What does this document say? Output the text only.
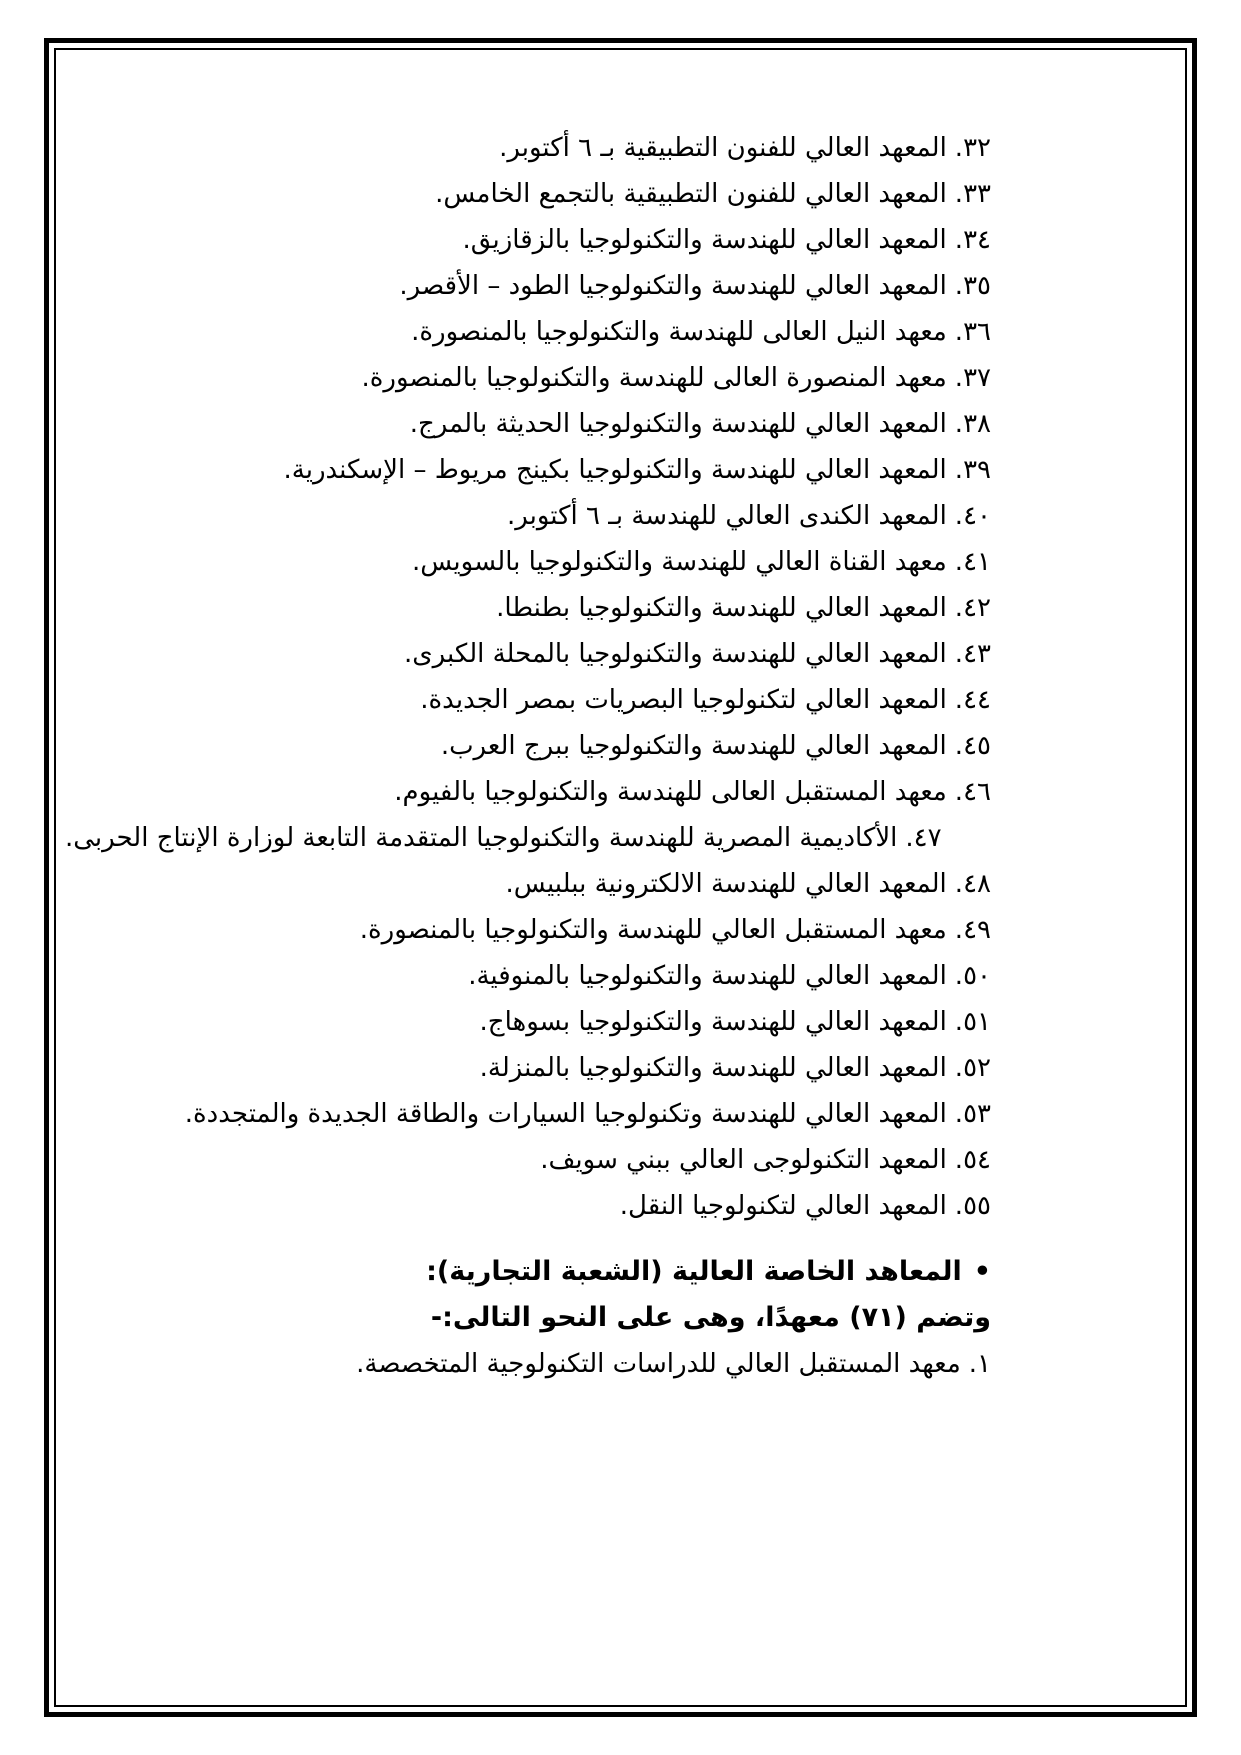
٣٢.المعهد العالي للفنون التطبيقية بـ ٦ أكتوبر.
٣٣.المعهد العالي للفنون التطبيقية بالتجمع الخامس.
٣٤.المعهد العالي للهندسة والتكنولوجيا بالزقازيق.
٣٥.المعهد العالي للهندسة والتكنولوجيا الطود – الأقصر.
٣٦.معهد النيل العالى للهندسة والتكنولوجيا بالمنصورة.
٣٧.معهد المنصورة العالى للهندسة والتكنولوجيا بالمنصورة.
٣٨.المعهد العالي للهندسة والتكنولوجيا الحديثة بالمرج.
٣٩.المعهد العالي للهندسة والتكنولوجيا بكينج مريوط – الإسكندرية.
٤٠.المعهد الكندى العالي للهندسة بـ ٦ أكتوبر.
٤١.معهد القناة العالي للهندسة والتكنولوجيا بالسويس.
٤٢.المعهد العالي للهندسة والتكنولوجيا بطنطا.
٤٣.المعهد العالي للهندسة والتكنولوجيا بالمحلة الكبرى.
٤٤.المعهد العالي لتكنولوجيا البصريات بمصر الجديدة.
٤٥.المعهد العالي للهندسة والتكنولوجيا ببرج العرب.
٤٦.معهد المستقبل العالى للهندسة والتكنولوجيا بالفيوم.
٤٧.الأكاديمية المصرية للهندسة والتكنولوجيا المتقدمة التابعة لوزارة الإنتاج الحربى.
٤٨.المعهد العالي للهندسة الالكترونية ببلبيس.
٤٩.معهد المستقبل العالي للهندسة والتكنولوجيا بالمنصورة.
٥٠.المعهد العالي للهندسة والتكنولوجيا بالمنوفية.
٥١.المعهد العالي للهندسة والتكنولوجيا بسوهاج.
٥٢.المعهد العالي للهندسة والتكنولوجيا بالمنزلة.
٥٣.المعهد العالي للهندسة وتكنولوجيا السيارات والطاقة الجديدة والمتجددة.
٥٤.المعهد التكنولوجى العالي ببني سويف.
٥٥.المعهد العالي لتكنولوجيا النقل.
•المعاهد الخاصة العالية (الشعبة التجارية):
وتضم (٧١) معهدًا، وهى على النحو التالى:-
١.معهد المستقبل العالي للدراسات التكنولوجية المتخصصة.
